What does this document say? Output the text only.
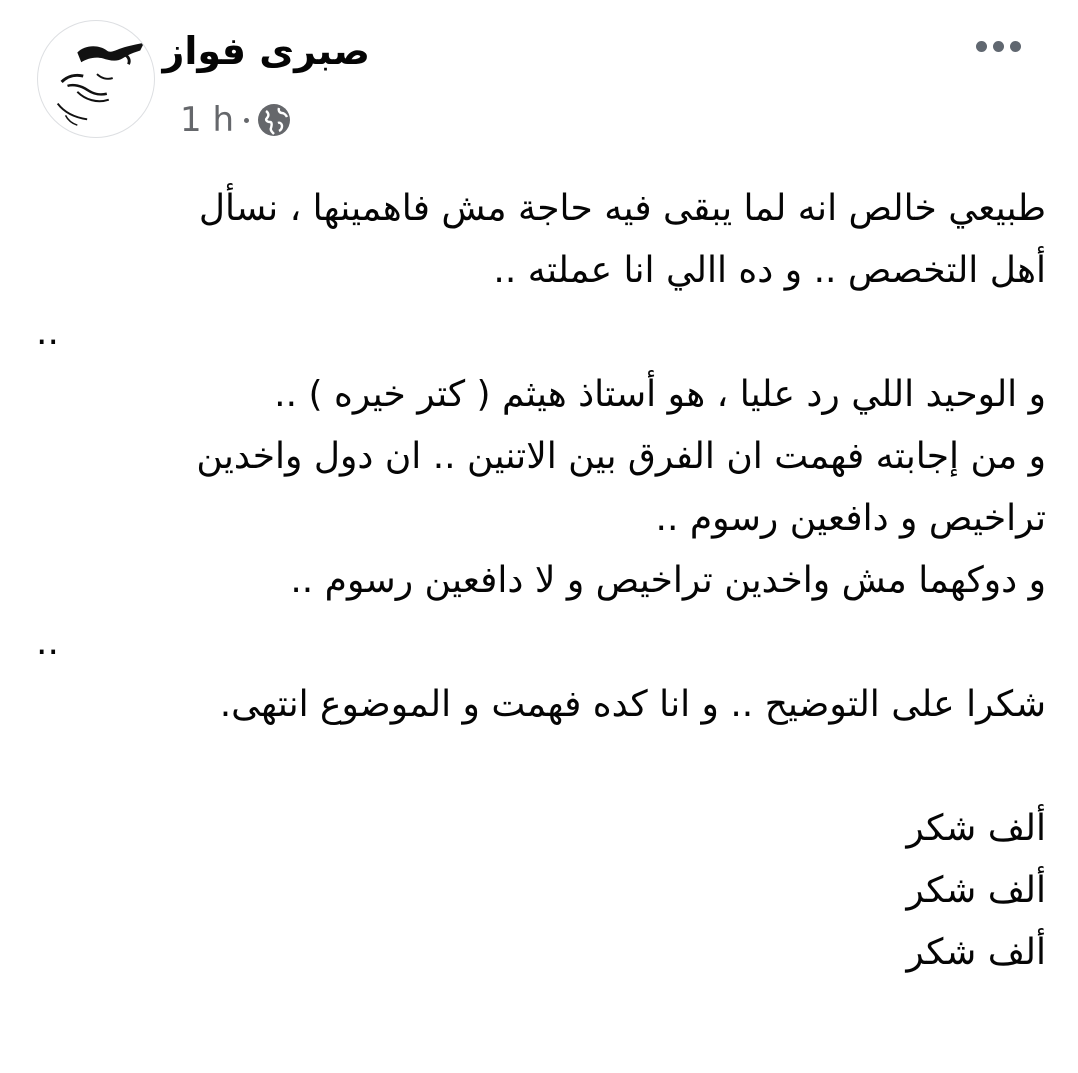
صبرى فواز
1 h
طبيعي خالص انه لما يبقى فيه حاجة مش فاهمينها ، نسأل
أهل التخصص .. و ده االي انا عملته ..
..
و الوحيد اللي رد عليا ، هو أستاذ هيثم ( كتر خيره ) ..
و من إجابته فهمت ان الفرق بين الاتنين .. ان دول واخدين
تراخيص و دافعين رسوم ..
و دوكهما مش واخدين تراخيص و لا دافعين رسوم ..
..
شكرا على التوضيح .. و انا كده فهمت و الموضوع انتهى.
ألف شكر
ألف شكر
ألف شكر
